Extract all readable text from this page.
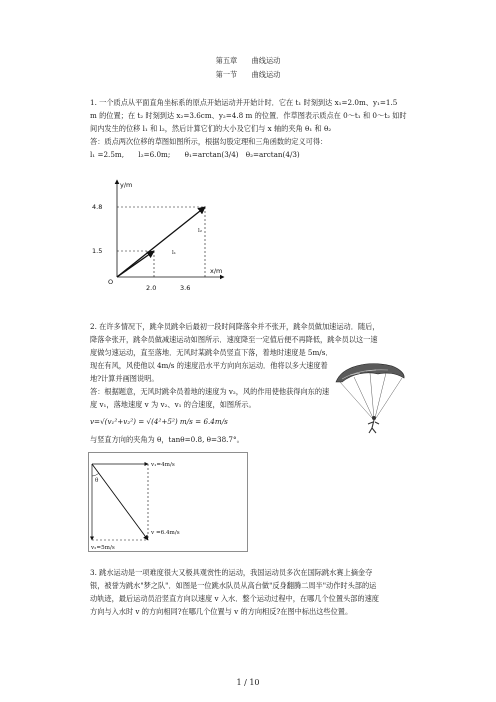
第五章　　曲线运动
第一节　　曲线运动
1. 一个质点从平面直角坐标系的原点开始运动并开始计时．它在 t₁ 时刻到达 x₁=2.0m、y₁=1.5
m 的位置；在 t₂ 时刻到达 x₂=3.6cm、y₂=4.8 m 的位置．作草图表示质点在 0～t₁ 和 0～t₂ 如时
间内发生的位移 l₁ 和 l₂，然后计算它们的大小及它们与 x 轴的夹角 θ₁ 和 θ₂
答：质点两次位移的草图如图所示，根据勾股定理和三角函数的定义可得：
l₁ =2.5m,　　l₂=6.0m;　　θ₁=arctan(3/4)　θ₂=arctan(4/3)
y/m
x/m
O
4.8
1.5
2.0	3.6
l₁
l₂
2. 在许多情况下，跳伞员跳伞后最初一段时间降落伞并不张开，跳伞员做加速运动．随后，
降落伞张开，跳伞员做减速运动如图所示．速度降至一定值后便不再降低，跳伞员以这一速
度做匀速运动，直至落地．无风时某跳伞员竖直下落，着地时速度是 5m/s．
现在有风，风使他以 4m/s 的速度沿水平方向向东运动．他将以多大速度着
地?计算并画图说明。
答：根据题意，无风时跳伞员着地的速度为 v₂，风的作用使他获得向东的速
度 v₁，落地速度 v 为 v₂、v₁ 的合速度，如图所示。
v=√(v₁²+v₂²) = √(4²+5²) m/s = 6.4m/s
与竖直方向的夹角为 θ，tanθ=0.8, θ=38.7°。
θ
v₁=4m/s
v =6.4m/s
v₂=5m/s
3. 跳水运动是一项难度很大又极具观赏性的运动，我国运动员多次在国际跳水赛上摘金夺
银，被誉为跳水"梦之队"．如图是一位跳水队员从高台做"反身翻腾二周半"动作时头部的运
动轨迹，最后运动员沿竖直方向以速度 v 入水．整个运动过程中，在哪几个位置头部的速度
方向与入水时 v 的方向相同?在哪几个位置与 v 的方向相反?在图中标出这些位置。
1 / 10
